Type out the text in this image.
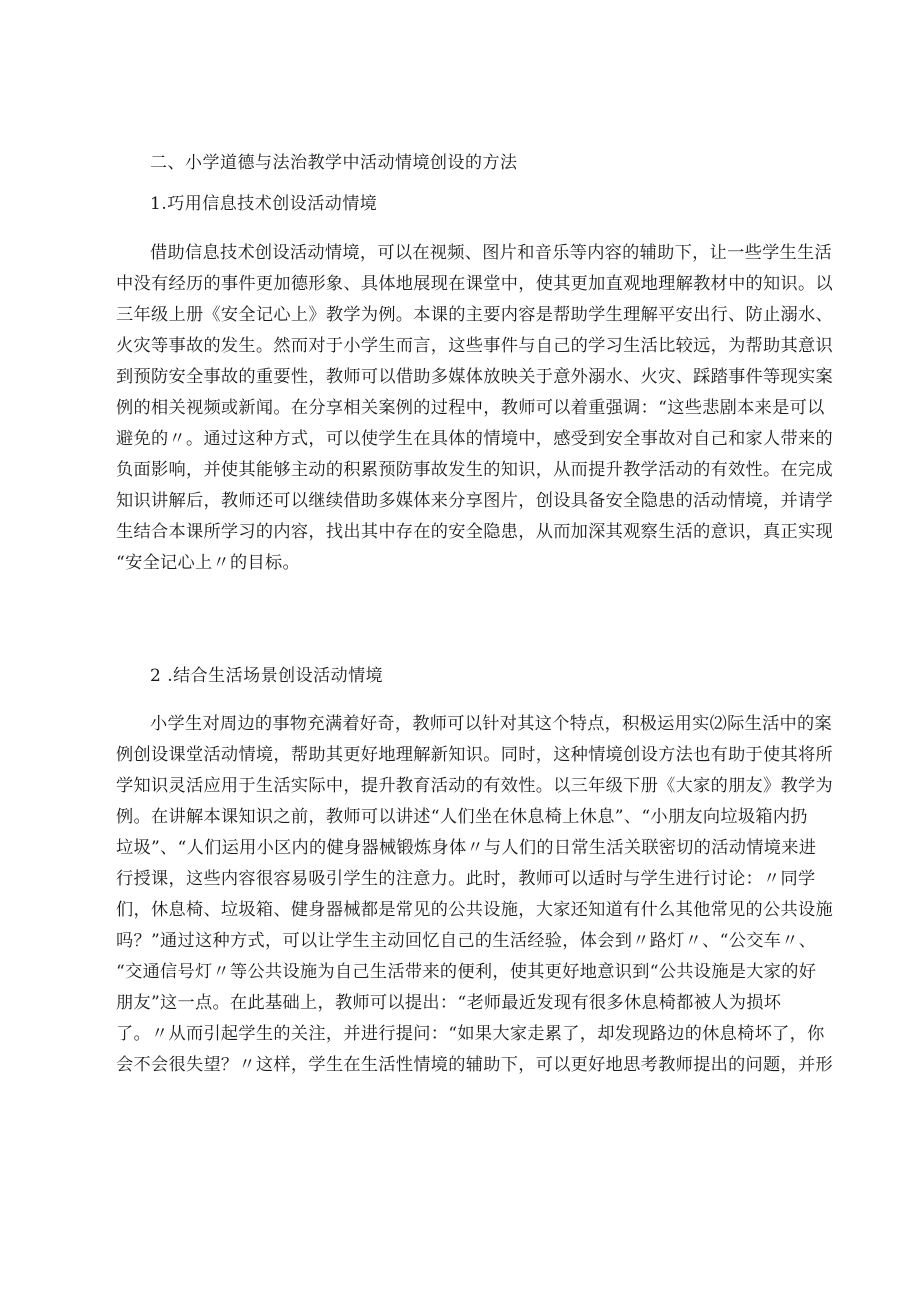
二、小学道德与法治教学中活动情境创设的方法
1.巧用信息技术创设活动情境
借助信息技术创设活动情境，可以在视频、图片和音乐等内容的辅助下，让一些学生生活
中没有经历的事件更加德形象、具体地展现在课堂中，使其更加直观地理解教材中的知识。以
三年级上册《安全记心上》教学为例。本课的主要内容是帮助学生理解平安出行、防止溺水、
火灾等事故的发生。然而对于小学生而言，这些事件与自己的学习生活比较远，为帮助其意识
到预防安全事故的重要性，教师可以借助多媒体放映关于意外溺水、火灾、踩踏事件等现实案
例的相关视频或新闻。在分享相关案例的过程中，教师可以着重强调：“这些悲剧本来是可以
避免的〃。通过这种方式，可以使学生在具体的情境中，感受到安全事故对自己和家人带来的
负面影响，并使其能够主动的积累预防事故发生的知识，从而提升教学活动的有效性。在完成
知识讲解后，教师还可以继续借助多媒体来分享图片，创设具备安全隐患的活动情境，并请学
生结合本课所学习的内容，找出其中存在的安全隐患，从而加深其观察生活的意识，真正实现
“安全记心上〃的目标。
2 .结合生活场景创设活动情境
小学生对周边的事物充满着好奇，教师可以针对其这个特点，积极运用实⑵际生活中的案
例创设课堂活动情境，帮助其更好地理解新知识。同时，这种情境创设方法也有助于使其将所
学知识灵活应用于生活实际中，提升教育活动的有效性。以三年级下册《大家的朋友》教学为
例。在讲解本课知识之前，教师可以讲述“人们坐在休息椅上休息”、“小朋友向垃圾箱内扔
垃圾”、“人们运用小区内的健身器械锻炼身体〃与人们的日常生活关联密切的活动情境来进
行授课，这些内容很容易吸引学生的注意力。此时，教师可以适时与学生进行讨论：〃同学
们，休息椅、垃圾箱、健身器械都是常见的公共设施，大家还知道有什么其他常见的公共设施
吗？”通过这种方式，可以让学生主动回忆自己的生活经验，体会到〃路灯〃、“公交车〃、
“交通信号灯〃等公共设施为自己生活带来的便利，使其更好地意识到“公共设施是大家的好
朋友”这一点。在此基础上，教师可以提出：“老师最近发现有很多休息椅都被人为损坏
了。〃从而引起学生的关注，并进行提问：“如果大家走累了，却发现路边的休息椅坏了，你
会不会很失望？〃这样，学生在生活性情境的辅助下，可以更好地思考教师提出的问题，并形
